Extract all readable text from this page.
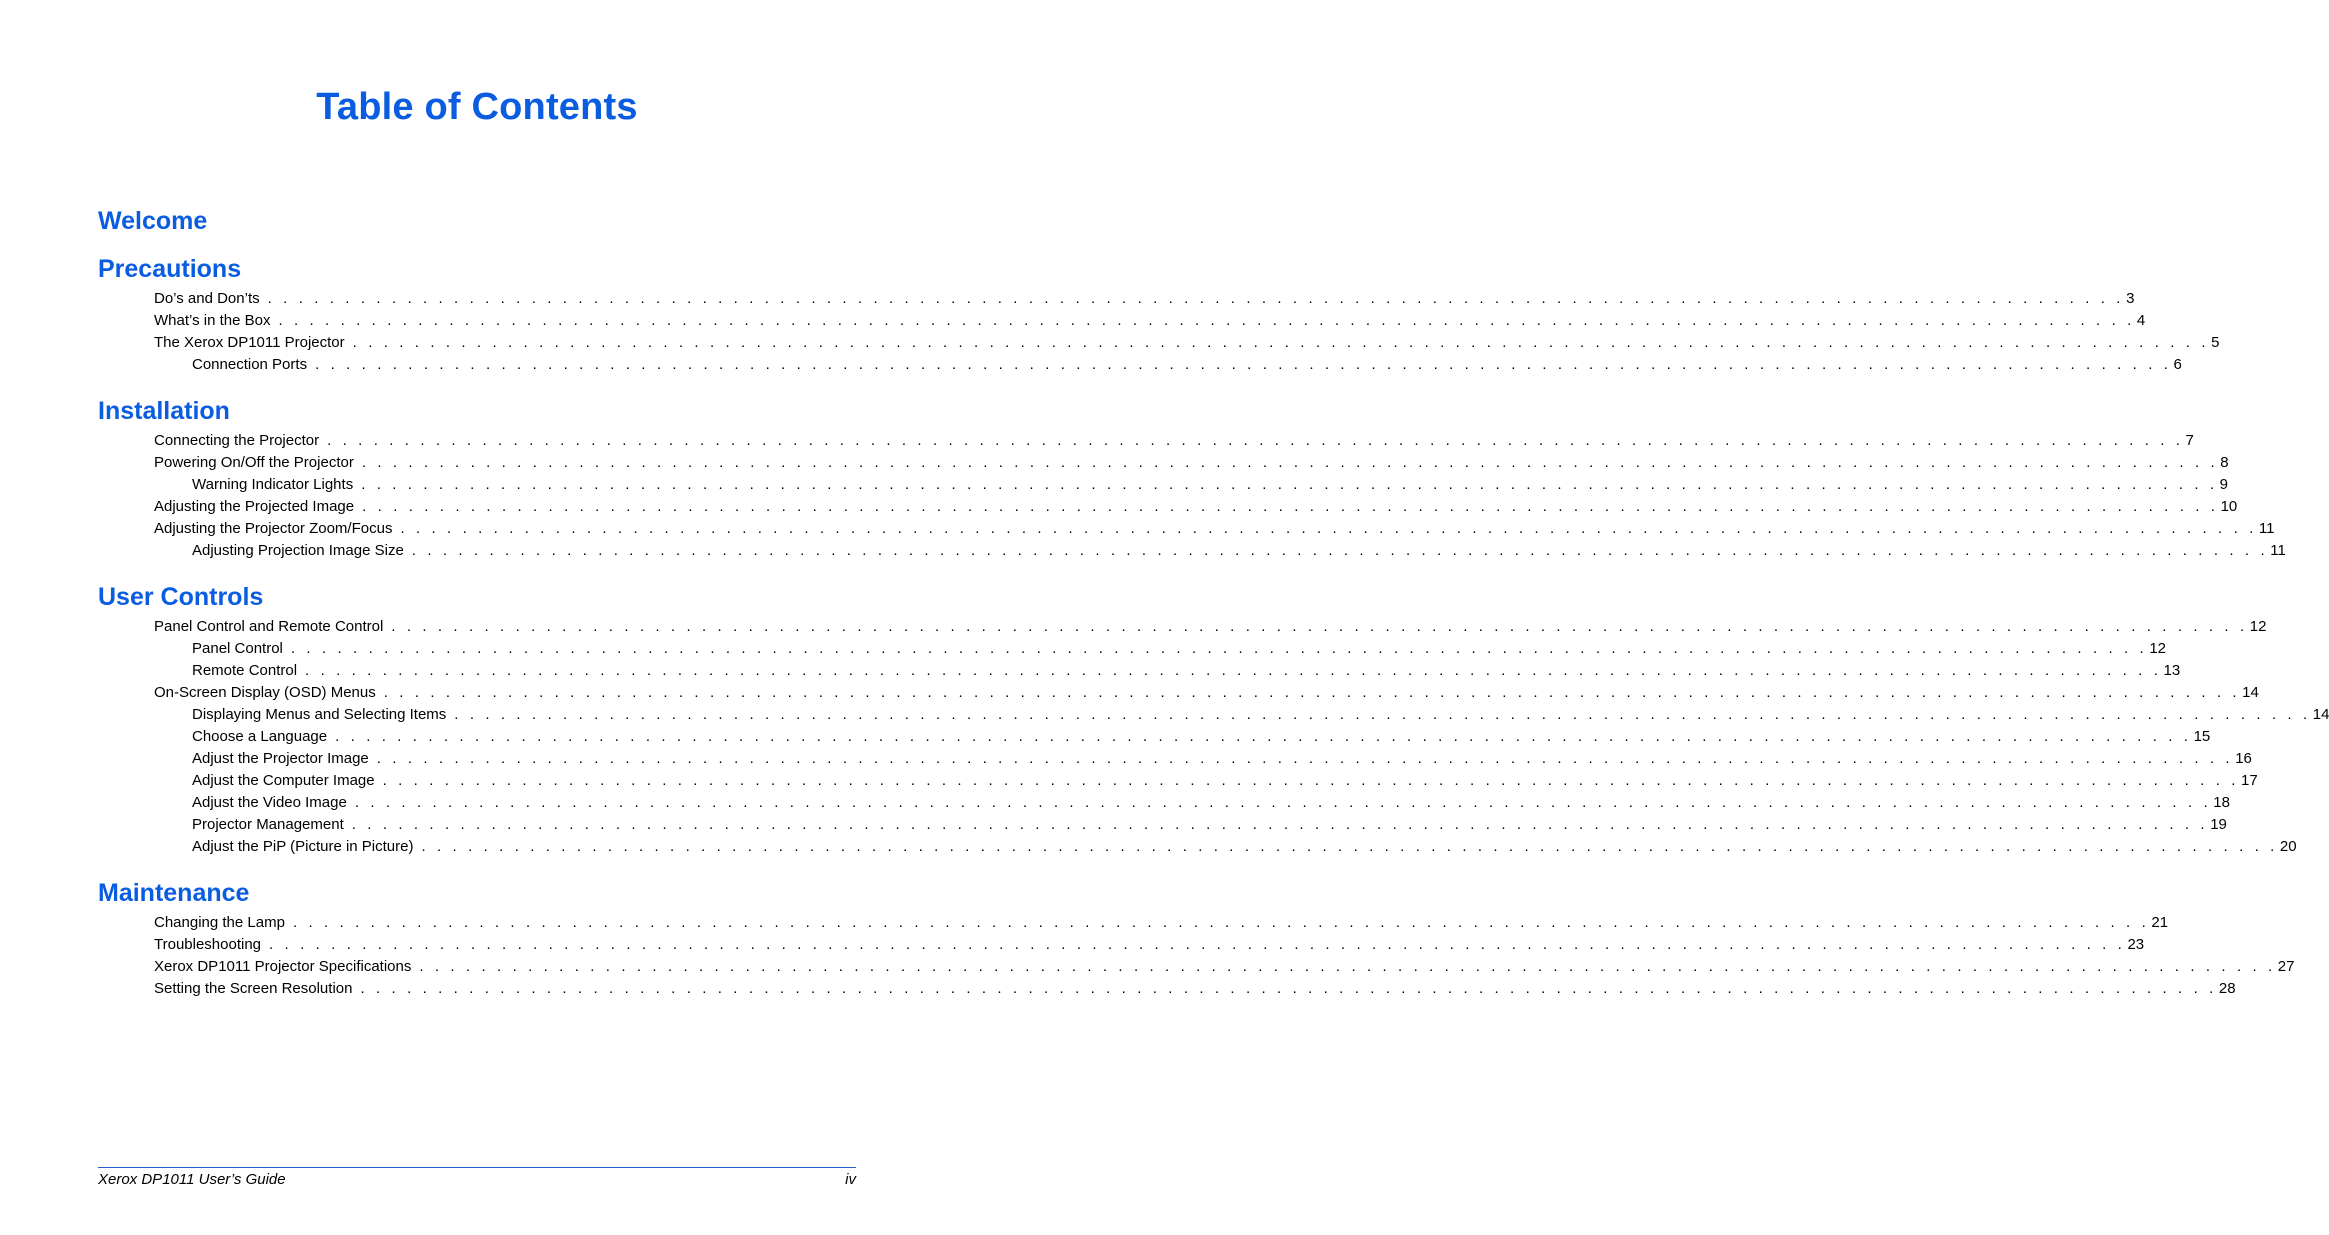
Table of Contents
Welcome
Precautions
Do’s and Don’ts . . . . . . . . . . . . . . . . . . . . . . . . . . . . . . . . . . . . . . . . . . . . . . . . . . . . . . . . . . . . . . . . . . . . . . . . . . . . . . . . . . . . . . . . . . . . . . . . . . . . . . . . . . . . . . . . . . . . . . . . 3
What’s in the Box . . . . . . . . . . . . . . . . . . . . . . . . . . . . . . . . . . . . . . . . . . . . . . . . . . . . . . . . . . . . . . . . . . . . . . . . . . . . . . . . . . . . . . . . . . . . . . . . . . . . . . . . . . . . . . . . . . . . . . . . 4
The Xerox DP1011 Projector . . . . . . . . . . . . . . . . . . . . . . . . . . . . . . . . . . . . . . . . . . . . . . . . . . . . . . . . . . . . . . . . . . . . . . . . . . . . . . . . . . . . . . . . . . . . . . . . . . . . . . . . . . . . . . . . . . . . . . . . 5
Connection Ports . . . . . . . . . . . . . . . . . . . . . . . . . . . . . . . . . . . . . . . . . . . . . . . . . . . . . . . . . . . . . . . . . . . . . . . . . . . . . . . . . . . . . . . . . . . . . . . . . . . . . . . . . . . . . . . . . . . . . . . . 6
Installation
Connecting the Projector . . . . . . . . . . . . . . . . . . . . . . . . . . . . . . . . . . . . . . . . . . . . . . . . . . . . . . . . . . . . . . . . . . . . . . . . . . . . . . . . . . . . . . . . . . . . . . . . . . . . . . . . . . . . . . . . . . . . . . . . 7
Powering On/Off the Projector . . . . . . . . . . . . . . . . . . . . . . . . . . . . . . . . . . . . . . . . . . . . . . . . . . . . . . . . . . . . . . . . . . . . . . . . . . . . . . . . . . . . . . . . . . . . . . . . . . . . . . . . . . . . . . . . . . . . . . . . 8
Warning Indicator Lights . . . . . . . . . . . . . . . . . . . . . . . . . . . . . . . . . . . . . . . . . . . . . . . . . . . . . . . . . . . . . . . . . . . . . . . . . . . . . . . . . . . . . . . . . . . . . . . . . . . . . . . . . . . . . . . . . . . . . . . . 9
Adjusting the Projected Image . . . . . . . . . . . . . . . . . . . . . . . . . . . . . . . . . . . . . . . . . . . . . . . . . . . . . . . . . . . . . . . . . . . . . . . . . . . . . . . . . . . . . . . . . . . . . . . . . . . . . . . . . . . . . . . . . . . . . . . . 10
Adjusting the Projector Zoom/Focus . . . . . . . . . . . . . . . . . . . . . . . . . . . . . . . . . . . . . . . . . . . . . . . . . . . . . . . . . . . . . . . . . . . . . . . . . . . . . . . . . . . . . . . . . . . . . . . . . . . . . . . . . . . . . . . . . . . . . . . . 11
Adjusting Projection Image Size . . . . . . . . . . . . . . . . . . . . . . . . . . . . . . . . . . . . . . . . . . . . . . . . . . . . . . . . . . . . . . . . . . . . . . . . . . . . . . . . . . . . . . . . . . . . . . . . . . . . . . . . . . . . . . . . . . . . . . . . 11
User Controls
Panel Control and Remote Control . . . . . . . . . . . . . . . . . . . . . . . . . . . . . . . . . . . . . . . . . . . . . . . . . . . . . . . . . . . . . . . . . . . . . . . . . . . . . . . . . . . . . . . . . . . . . . . . . . . . . . . . . . . . . . . . . . . . . . . . 12
Panel Control . . . . . . . . . . . . . . . . . . . . . . . . . . . . . . . . . . . . . . . . . . . . . . . . . . . . . . . . . . . . . . . . . . . . . . . . . . . . . . . . . . . . . . . . . . . . . . . . . . . . . . . . . . . . . . . . . . . . . . . . 12
Remote Control . . . . . . . . . . . . . . . . . . . . . . . . . . . . . . . . . . . . . . . . . . . . . . . . . . . . . . . . . . . . . . . . . . . . . . . . . . . . . . . . . . . . . . . . . . . . . . . . . . . . . . . . . . . . . . . . . . . . . . . . 13
On-Screen Display (OSD) Menus . . . . . . . . . . . . . . . . . . . . . . . . . . . . . . . . . . . . . . . . . . . . . . . . . . . . . . . . . . . . . . . . . . . . . . . . . . . . . . . . . . . . . . . . . . . . . . . . . . . . . . . . . . . . . . . . . . . . . . . . 14
Displaying Menus and Selecting Items . . . . . . . . . . . . . . . . . . . . . . . . . . . . . . . . . . . . . . . . . . . . . . . . . . . . . . . . . . . . . . . . . . . . . . . . . . . . . . . . . . . . . . . . . . . . . . . . . . . . . . . . . . . . . . . . . . . . . . . . 14
Choose a Language . . . . . . . . . . . . . . . . . . . . . . . . . . . . . . . . . . . . . . . . . . . . . . . . . . . . . . . . . . . . . . . . . . . . . . . . . . . . . . . . . . . . . . . . . . . . . . . . . . . . . . . . . . . . . . . . . . . . . . . . 15
Adjust the Projector Image . . . . . . . . . . . . . . . . . . . . . . . . . . . . . . . . . . . . . . . . . . . . . . . . . . . . . . . . . . . . . . . . . . . . . . . . . . . . . . . . . . . . . . . . . . . . . . . . . . . . . . . . . . . . . . . . . . . . . . . . 16
Adjust the Computer Image . . . . . . . . . . . . . . . . . . . . . . . . . . . . . . . . . . . . . . . . . . . . . . . . . . . . . . . . . . . . . . . . . . . . . . . . . . . . . . . . . . . . . . . . . . . . . . . . . . . . . . . . . . . . . . . . . . . . . . . . 17
Adjust the Video Image . . . . . . . . . . . . . . . . . . . . . . . . . . . . . . . . . . . . . . . . . . . . . . . . . . . . . . . . . . . . . . . . . . . . . . . . . . . . . . . . . . . . . . . . . . . . . . . . . . . . . . . . . . . . . . . . . . . . . . . . 18
Projector Management . . . . . . . . . . . . . . . . . . . . . . . . . . . . . . . . . . . . . . . . . . . . . . . . . . . . . . . . . . . . . . . . . . . . . . . . . . . . . . . . . . . . . . . . . . . . . . . . . . . . . . . . . . . . . . . . . . . . . . . . 19
Adjust the PiP (Picture in Picture) . . . . . . . . . . . . . . . . . . . . . . . . . . . . . . . . . . . . . . . . . . . . . . . . . . . . . . . . . . . . . . . . . . . . . . . . . . . . . . . . . . . . . . . . . . . . . . . . . . . . . . . . . . . . . . . . . . . . . . . . 20
Maintenance
Changing the Lamp . . . . . . . . . . . . . . . . . . . . . . . . . . . . . . . . . . . . . . . . . . . . . . . . . . . . . . . . . . . . . . . . . . . . . . . . . . . . . . . . . . . . . . . . . . . . . . . . . . . . . . . . . . . . . . . . . . . . . . . . 21
Troubleshooting . . . . . . . . . . . . . . . . . . . . . . . . . . . . . . . . . . . . . . . . . . . . . . . . . . . . . . . . . . . . . . . . . . . . . . . . . . . . . . . . . . . . . . . . . . . . . . . . . . . . . . . . . . . . . . . . . . . . . . . . 23
Xerox DP1011 Projector Specifications . . . . . . . . . . . . . . . . . . . . . . . . . . . . . . . . . . . . . . . . . . . . . . . . . . . . . . . . . . . . . . . . . . . . . . . . . . . . . . . . . . . . . . . . . . . . . . . . . . . . . . . . . . . . . . . . . . . . . . . . 27
Setting the Screen Resolution . . . . . . . . . . . . . . . . . . . . . . . . . . . . . . . . . . . . . . . . . . . . . . . . . . . . . . . . . . . . . . . . . . . . . . . . . . . . . . . . . . . . . . . . . . . . . . . . . . . . . . . . . . . . . . . . . . . . . . . . 28
Xerox DP1011 User’s Guide	iv
